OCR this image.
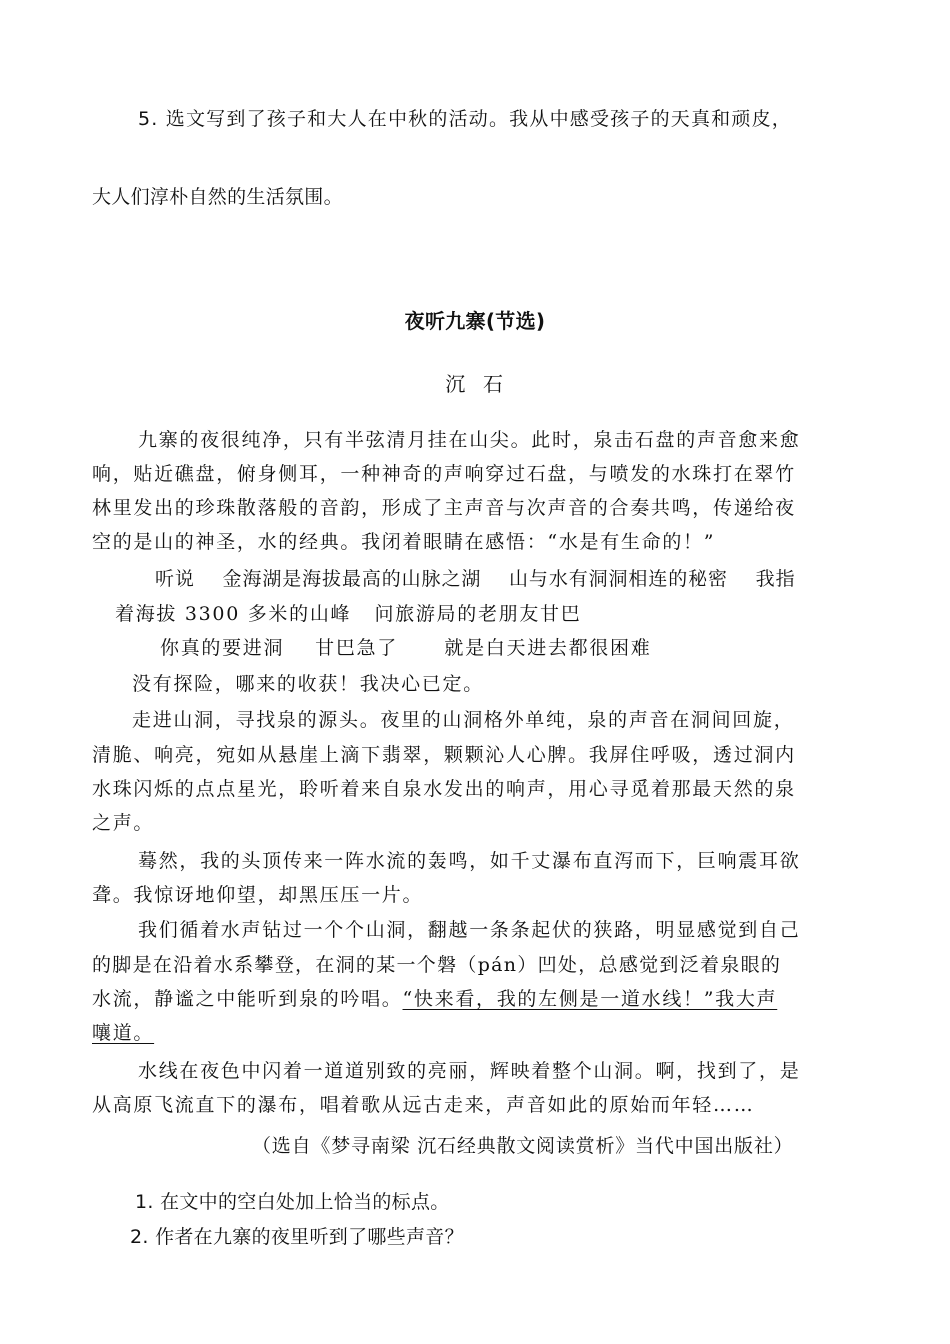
5. 选文写到了孩子和大人在中秋的活动。我从中感受孩子的天真和顽皮，
大人们淳朴自然的生活氛围。
夜听九寨(节选)
沉  石
九寨的夜很纯净，只有半弦清月挂在山尖。此时，泉击石盘的声音愈来愈
响，贴近礁盘，俯身侧耳，一种神奇的声响穿过石盘，与喷发的水珠打在翠竹
林里发出的珍珠散落般的音韵，形成了主声音与次声音的合奏共鸣，传递给夜
空的是山的神圣，水的经典。我闭着眼睛在感悟：“水是有生命的！”
听说    金海湖是海拔最高的山脉之湖    山与水有洞洞相连的秘密    我指
着海拔 3300 多米的山峰   问旅游局的老朋友甘巴
你真的要进洞    甘巴急了      就是白天进去都很困难
没有探险，哪来的收获！我决心已定。
走进山洞，寻找泉的源头。夜里的山洞格外单纯，泉的声音在洞间回旋，
清脆、响亮，宛如从悬崖上滴下翡翠，颗颗沁人心脾。我屏住呼吸，透过洞内
水珠闪烁的点点星光，聆听着来自泉水发出的响声，用心寻觅着那最天然的泉
之声。
蓦然，我的头顶传来一阵水流的轰鸣，如千丈瀑布直泻而下，巨响震耳欲
聋。我惊讶地仰望，却黑压压一片。
我们循着水声钻过一个个山洞，翻越一条条起伏的狭路，明显感觉到自己
的脚是在沿着水系攀登，在洞的某一个磐（pán）凹处，总感觉到泛着泉眼的
水流，静谧之中能听到泉的吟唱。“快来看，我的左侧是一道水线！”我大声
嚷道。
水线在夜色中闪着一道道别致的亮丽，辉映着整个山洞。啊，找到了，是
从高原飞流直下的瀑布，唱着歌从远古走来，声音如此的原始而年轻……
（选自《梦寻南梁 沉石经典散文阅读赏析》当代中国出版社）
1. 在文中的空白处加上恰当的标点。
2. 作者在九寨的夜里听到了哪些声音？
